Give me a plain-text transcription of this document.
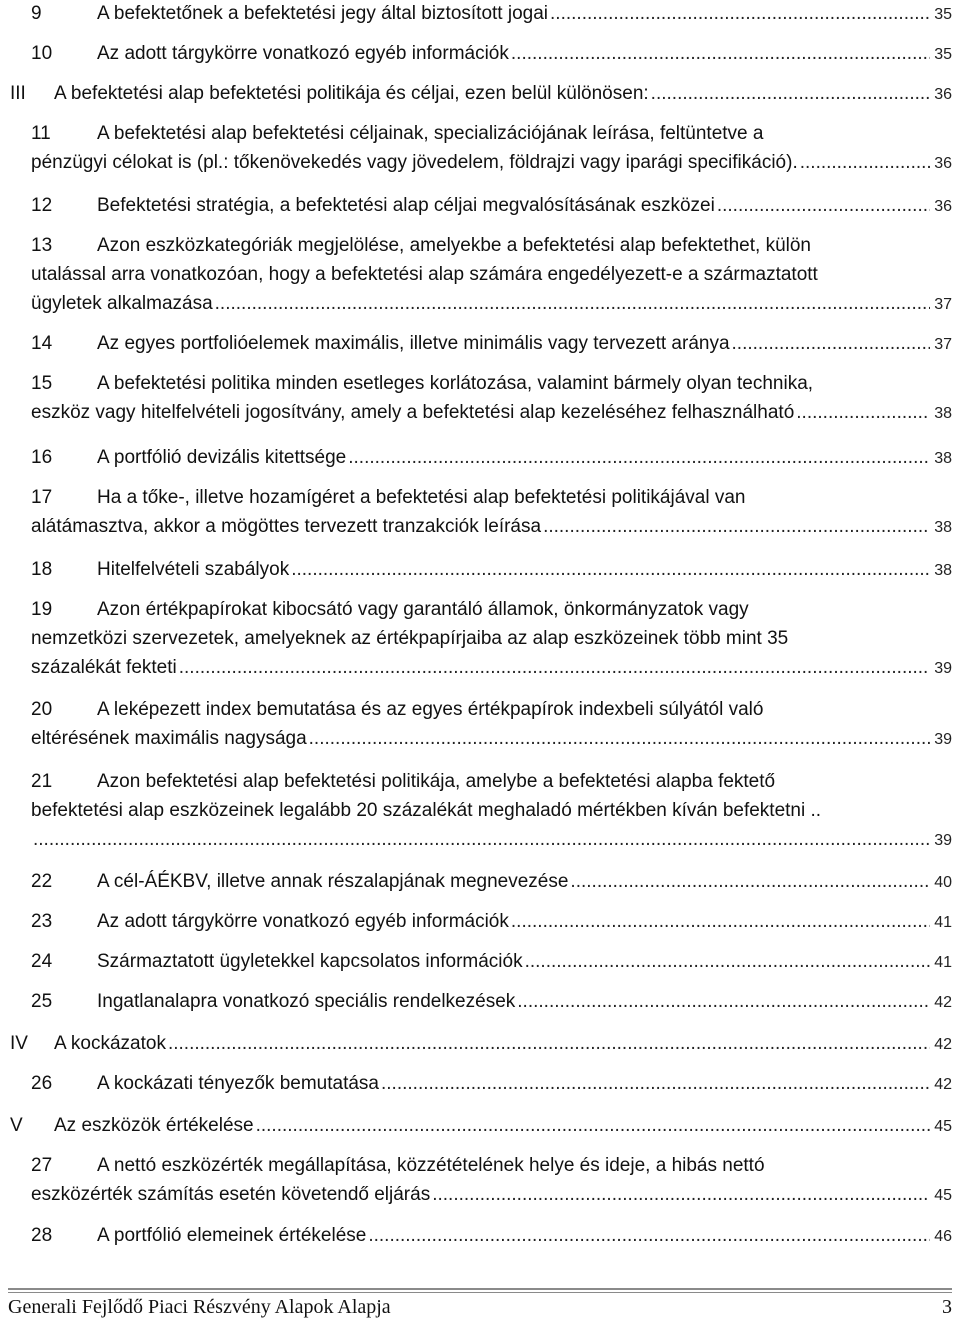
9	A befektetőnek a befektetési jegy által biztosított jogai .....	35
10 Az adott tárgykörre vonatkozó egyéb információk .....	35
III A befektetési alap befektetési politikája és céljai, ezen belül különösen: .....	36
11 A befektetési alap befektetési céljainak, specializációjának leírása, feltüntetve a
pénzügyi célokat is (pl.: tőkenövekedés vagy jövedelem, földrajzi vagy iparági specifikáció). .....	36
12 Befektetési stratégia, a befektetési alap céljai megvalósításának eszközei .....	36
13 Azon eszközkategóriák megjelölése, amelyekbe a befektetési alap befektethet, külön
utalással arra vonatkozóan, hogy a befektetési alap számára engedélyezett-e a származtatott
ügyletek alkalmazása .....	37
14 Az egyes portfolióelemek maximális, illetve minimális vagy tervezett aránya .....	37
15 A befektetési politika minden esetleges korlátozása, valamint bármely olyan technika,
eszköz vagy hitelfelvételi jogosítvány, amely a befektetési alap kezeléséhez felhasználható .....	38
16 A portfólió devizális kitettsége .....	38
17 Ha a tőke-, illetve hozamígéret a befektetési alap befektetési politikájával van
alátámasztva, akkor a mögöttes tervezett tranzakciók leírása .....	38
18 Hitelfelvételi szabályok .....	38
19 Azon értékpapírokat kibocsátó vagy garantáló államok, önkormányzatok vagy
nemzetközi szervezetek, amelyeknek az értékpapírjaiba az alap eszközeinek több mint 35
százalékát fekteti .....	39
20 A leképezett index bemutatása és az egyes értékpapírok indexbeli súlyától való
eltérésének maximális nagysága .....	39
21 Azon befektetési alap befektetési politikája, amelybe a befektetési alapba fektető
befektetési alap eszközeinek legalább 20 százalékát meghaladó mértékben kíván befektetni ..
.....
39
22 A cél-ÁÉKBV, illetve annak részalapjának megnevezése .....	40
23 Az adott tárgykörre vonatkozó egyéb információk .....	41
24 Származtatott ügyletekkel kapcsolatos információk .....	41
25 Ingatlanalapra vonatkozó speciális rendelkezések .....	42
IV A kockázatok .....	42
26 A kockázati tényezők bemutatása .....	42
V Az eszközök értékelése .....	45
27 A nettó eszközérték megállapítása, közzétételének helye és ideje, a hibás nettó
eszközérték számítás esetén követendő eljárás .....	45
28 A portfólió elemeinek értékelése .....	46
Generali Fejlődő Piaci Részvény Alapok Alapja	3
